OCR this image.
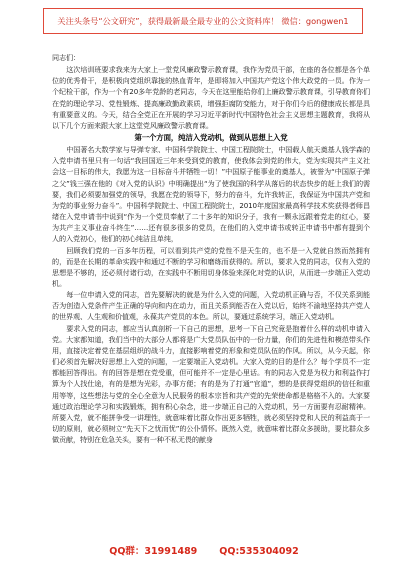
关注头条号“公文研究”，获得最新最全最专业的公文资料库！ 微信：gongwen1

同志们：

这次培训班要求我来为大家上一堂党风廉政警示教育课，我作为党员干部，在座的各位都是各个单位的优秀骨干，是积极向党组织靠拢的热血青年，是即将加入中国共产党这个伟大政党的一员。作为一个纪检干部，作为一个有20多年党龄的老同志，今天在这里能给你们上廉政警示教育课，引导教育你们在党的理论学习、党性锻炼、提高廉政勤政素质，增强拒腐防变能力，对于你们今后的健康成长都是具有重要意义的。今天，结合全党正在开展的学习习近平新时代中国特色社会主义思想主题教育，我将从以下几个方面来跟大家上这堂党风廉政警示教育课。

第一个方面，纯洁入党动机，做到从思想上入党

中国著名大数学家与导弹专家、中国科学院院士、中国工程院院士，中国载人航天奠基人钱学森的入党申请书里只有一句话“我回国近三年来受到党的教育，使我体会到党的伟大，党为实现共产主义社会这一目标的伟大，我愿为这一目标奋斗并牺牲一切！”中国原子能事业的奠基人，被誉为“中国原子弹之父”钱三强在他的《对入党的认识》中明确提出“为了使我国的科学从落后的状态快步的赶上我们的需要，我们必须要加强党的领导，我愿在党的领导下，努力的奋斗，允许我转正，我保证为中国共产党和为党的事业努力奋斗”。中国科学院院士、中国工程院院士，2010年度国家最高科学技术奖获得者师昌绪在入党申请书中说到“作为一个党员奉献了二十多年的知识分子，我有一颗永远跟着党走的红心，要为共产主义事业奋斗终生”……还有很多很多的党员，在他们的入党申请书或转正申请书中都有提到个人的入党初心，他们的初心纯洁且单纯，

回顾我们党的一百多年历程，可以看到共产党的党性不是天生的，也不是一入党就自然而然拥有的，而是在长期的革命实践中和通过不断的学习和磨练而获得的。所以，要求入党的同志，仅有入党的思想是不够的，还必须付诸行动，在实践中不断用切身体验来深化对党的认识，从而进一步端正入党动机。

每一位申请入党的同志，首先要解决的就是为什么入党的问题，入党动机正确与否，不仅关系到能否为创造入党条件产生正确的导向和内在动力，而且关系到能否在入党以后，始终不渝地坚持共产党人的世界观、人生观和价值观，永葆共产党员的本色。所以，要通过系统学习，端正入党动机。

要求入党的同志，都应当认真剖析一下自己的思想，思考一下自己究竟是抱着什么样的动机申请入党。大家都知道，我们当中的大部分人都将是广大党员队伍中的一份力量，你们的先进性和模范带头作用，直接决定着党在基层组织的战斗力，直接影响着党的形象和党员队伍的作风。所以，从今天起，你们必须首先解决好思想上入党的问题，一定要端正入党动机。大家入党的目的是什么？每个学员不一定都能回答得出。有的回答是想在党受重，但可能并不一定是心里话。有的同志入党是为权力和利益作打算为个人找仕途，有的是想为光彩，办事方便；有的是为了打通“官道”，想的是获得党组织的信任和重用等等，这些想法与党的全心全意为人民服务的根本宗旨和共产党的先荣使命都是格格不入的。大家要通过政治理论学习和实践锻炼，拥有积心杂念，进一步端正自己的入党动机，另一方面要有忍耐精神。所要入党，就不能拼争受一讲理性，就意味着比群众作出更多牺牲，就必须坚持党和人民的利益高于一切的原则，就必须树立“先天下之忧而忧”的公仆情怀。既然入党，就意味着比群众多援助，要比群众多做贡献，特别在危急关头，要有一种不私无畏的献身

QQ群：31991489 QQ:535304092
